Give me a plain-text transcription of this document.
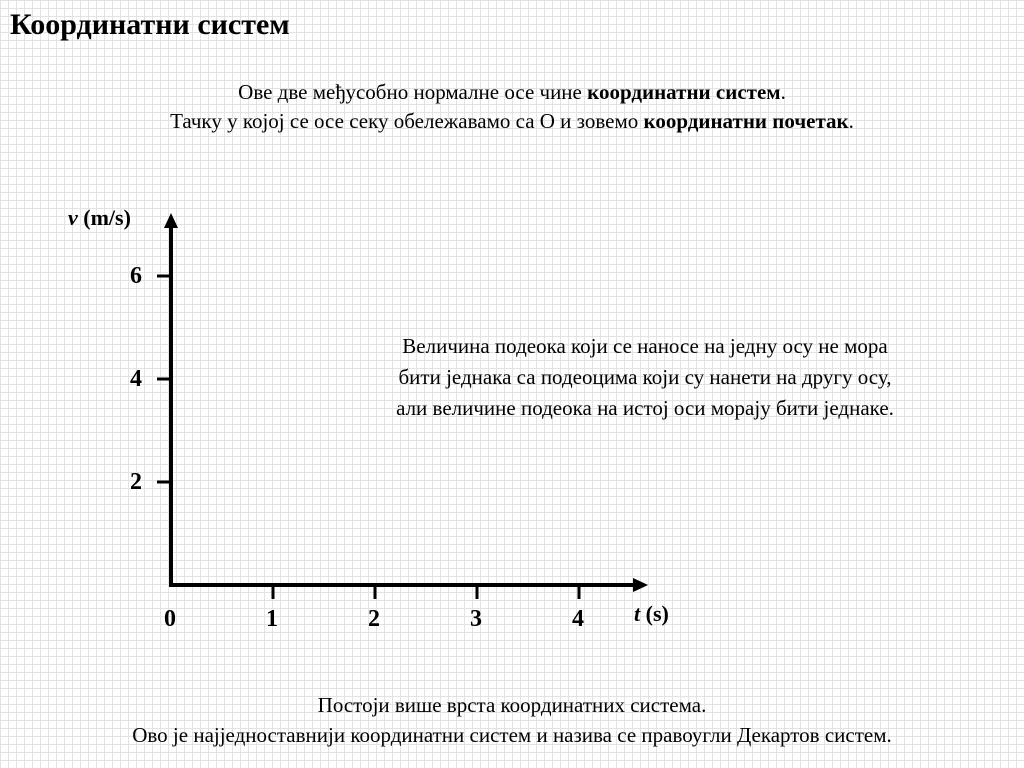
Координатни систем
Ове две међусобно нормалне осе чине координатни систем.
Тачку у којој се осе секу обележавамо са О и зовемо координатни почетак.
v (m/s)
t (s)
6
4
2
0	1	2	3	4
Величина подеока који се наносе на једну осу не мора
бити једнака са подеоцима који су нанети на другу осу,
али величине подеока на истој оси морају бити једнаке.
Постоји више врста координатних система.
Ово је најједноставнији координатни систем и назива се правоугли Декартов систем.
